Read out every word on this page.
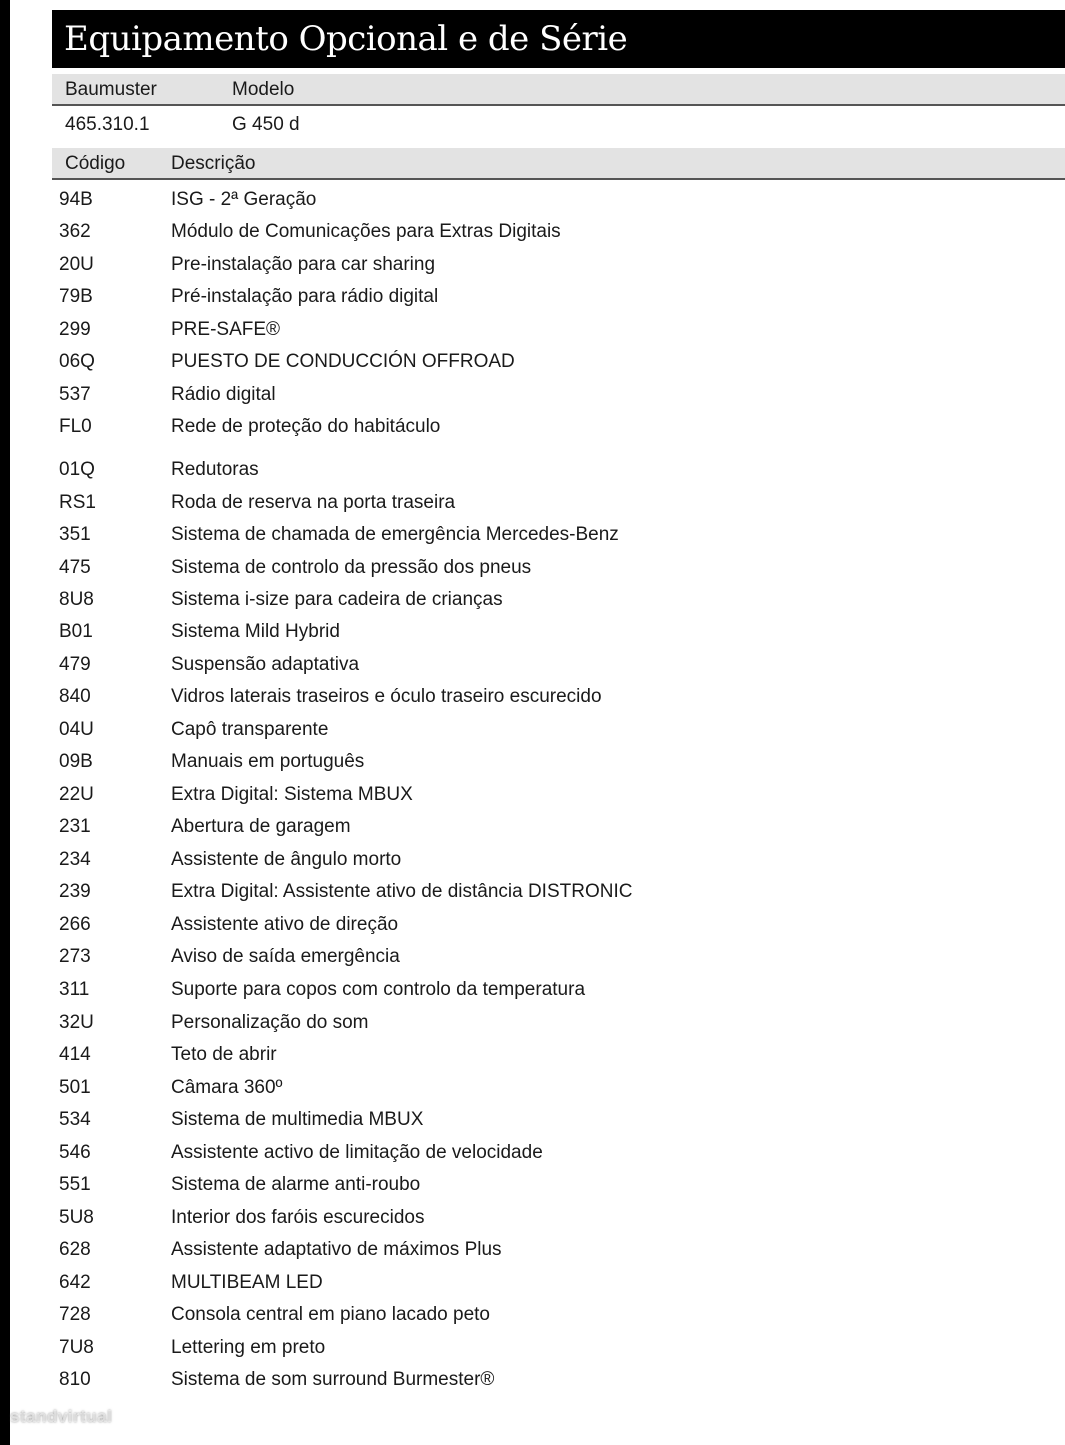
Equipamento Opcional e de Série
Baumuster	Modelo
465.310.1	G 450 d
Código Descrição
94B	ISG - 2ª Geração
362	Módulo de Comunicações para Extras Digitais
20U	Pre-instalação para car sharing
79B	Pré-instalação para rádio digital
299	PRE-SAFE®
06Q	PUESTO DE CONDUCCIÓN OFFROAD
537	Rádio digital
FL0	Rede de proteção do habitáculo
01Q	Redutoras
RS1	Roda de reserva na porta traseira
351	Sistema de chamada de emergência Mercedes-Benz
475	Sistema de controlo da pressão dos pneus
8U8	Sistema i-size para cadeira de crianças
B01	Sistema Mild Hybrid
479	Suspensão adaptativa
840	Vidros laterais traseiros e óculo traseiro escurecido
04U	Capô transparente
09B	Manuais em português
22U	Extra Digital: Sistema MBUX
231	Abertura de garagem
234	Assistente de ângulo morto
239	Extra Digital: Assistente ativo de distância DISTRONIC
266	Assistente ativo de direção
273	Aviso de saída emergência
311	Suporte para copos com controlo da temperatura
32U	Personalização do som
414	Teto de abrir
501	Câmara 360º
534	Sistema de multimedia MBUX
546	Assistente activo de limitação de velocidade
551	Sistema de alarme anti-roubo
5U8	Interior dos faróis escurecidos
628	Assistente adaptativo de máximos Plus
642	MULTIBEAM LED
728	Consola central em piano lacado peto
7U8	Lettering em preto
810	Sistema de som surround Burmester®
standvirtual
